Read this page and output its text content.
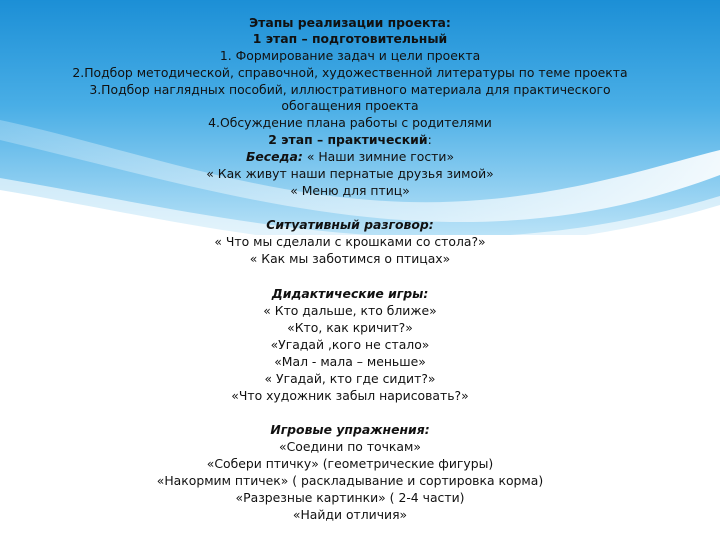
Этапы реализации проекта:
1 этап – подготовительный
1. Формирование задач и цели проекта
2.Подбор методической, справочной, художественной литературы по теме проекта
3.Подбор наглядных пособий, иллюстративного материала для практического
обогащения проекта
4.Обсуждение плана работы с родителями
2 этап – практический:
Беседа: « Наши зимние гости»
« Как живут наши пернатые друзья зимой»
« Меню для птиц»
Ситуативный разговор:
« Что мы сделали с крошками со стола?»
« Как мы заботимся о птицах»
Дидактические игры:
« Кто дальше, кто ближе»
«Кто, как кричит?»
«Угадай ,кого не стало»
«Мал - мала – меньше»
« Угадай, кто где сидит?»
«Что художник забыл нарисовать?»
Игровые упражнения:
«Соедини по точкам»
«Собери птичку» (геометрические фигуры)
«Накормим птичек» ( раскладывание и сортировка корма)
«Разрезные картинки» ( 2-4 части)
«Найди отличия»
